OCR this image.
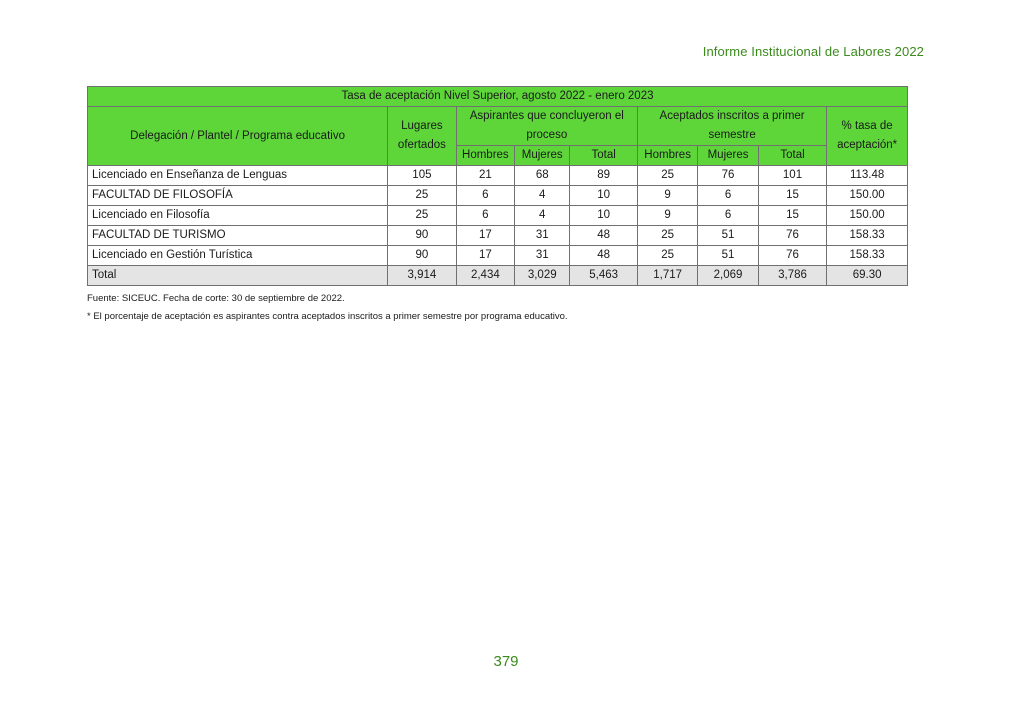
Informe Institucional de Labores 2022
Tasa de aceptación Nivel Superior, agosto 2022 - enero 2023								
Delegación / Plantel / Programa educativo	Lugares ofertados	Aspirantes que concluyeron el proceso			Aceptados inscritos a primer semestre			% tasa de aceptación*

		Hombres	Mujeres	Total	Hombres	Mujeres	Total	
Licenciado en Enseñanza de Lenguas	105	21	68	89	25	76	101	113.48
FACULTAD DE FILOSOFÍA	25	6	4	10	9	6	15	150.00
Licenciado en Filosofía	25	6	4	10	9	6	15	150.00
FACULTAD DE TURISMO	90	17	31	48	25	51	76	158.33
Licenciado en Gestión Turística	90	17	31	48	25	51	76	158.33
Total	3,914	2,434	3,029	5,463	1,717	2,069	3,786	69.30
Fuente: SICEUC. Fecha de corte: 30 de septiembre de 2022.
* El porcentaje de aceptación es aspirantes contra aceptados inscritos a primer semestre por programa educativo.
379
